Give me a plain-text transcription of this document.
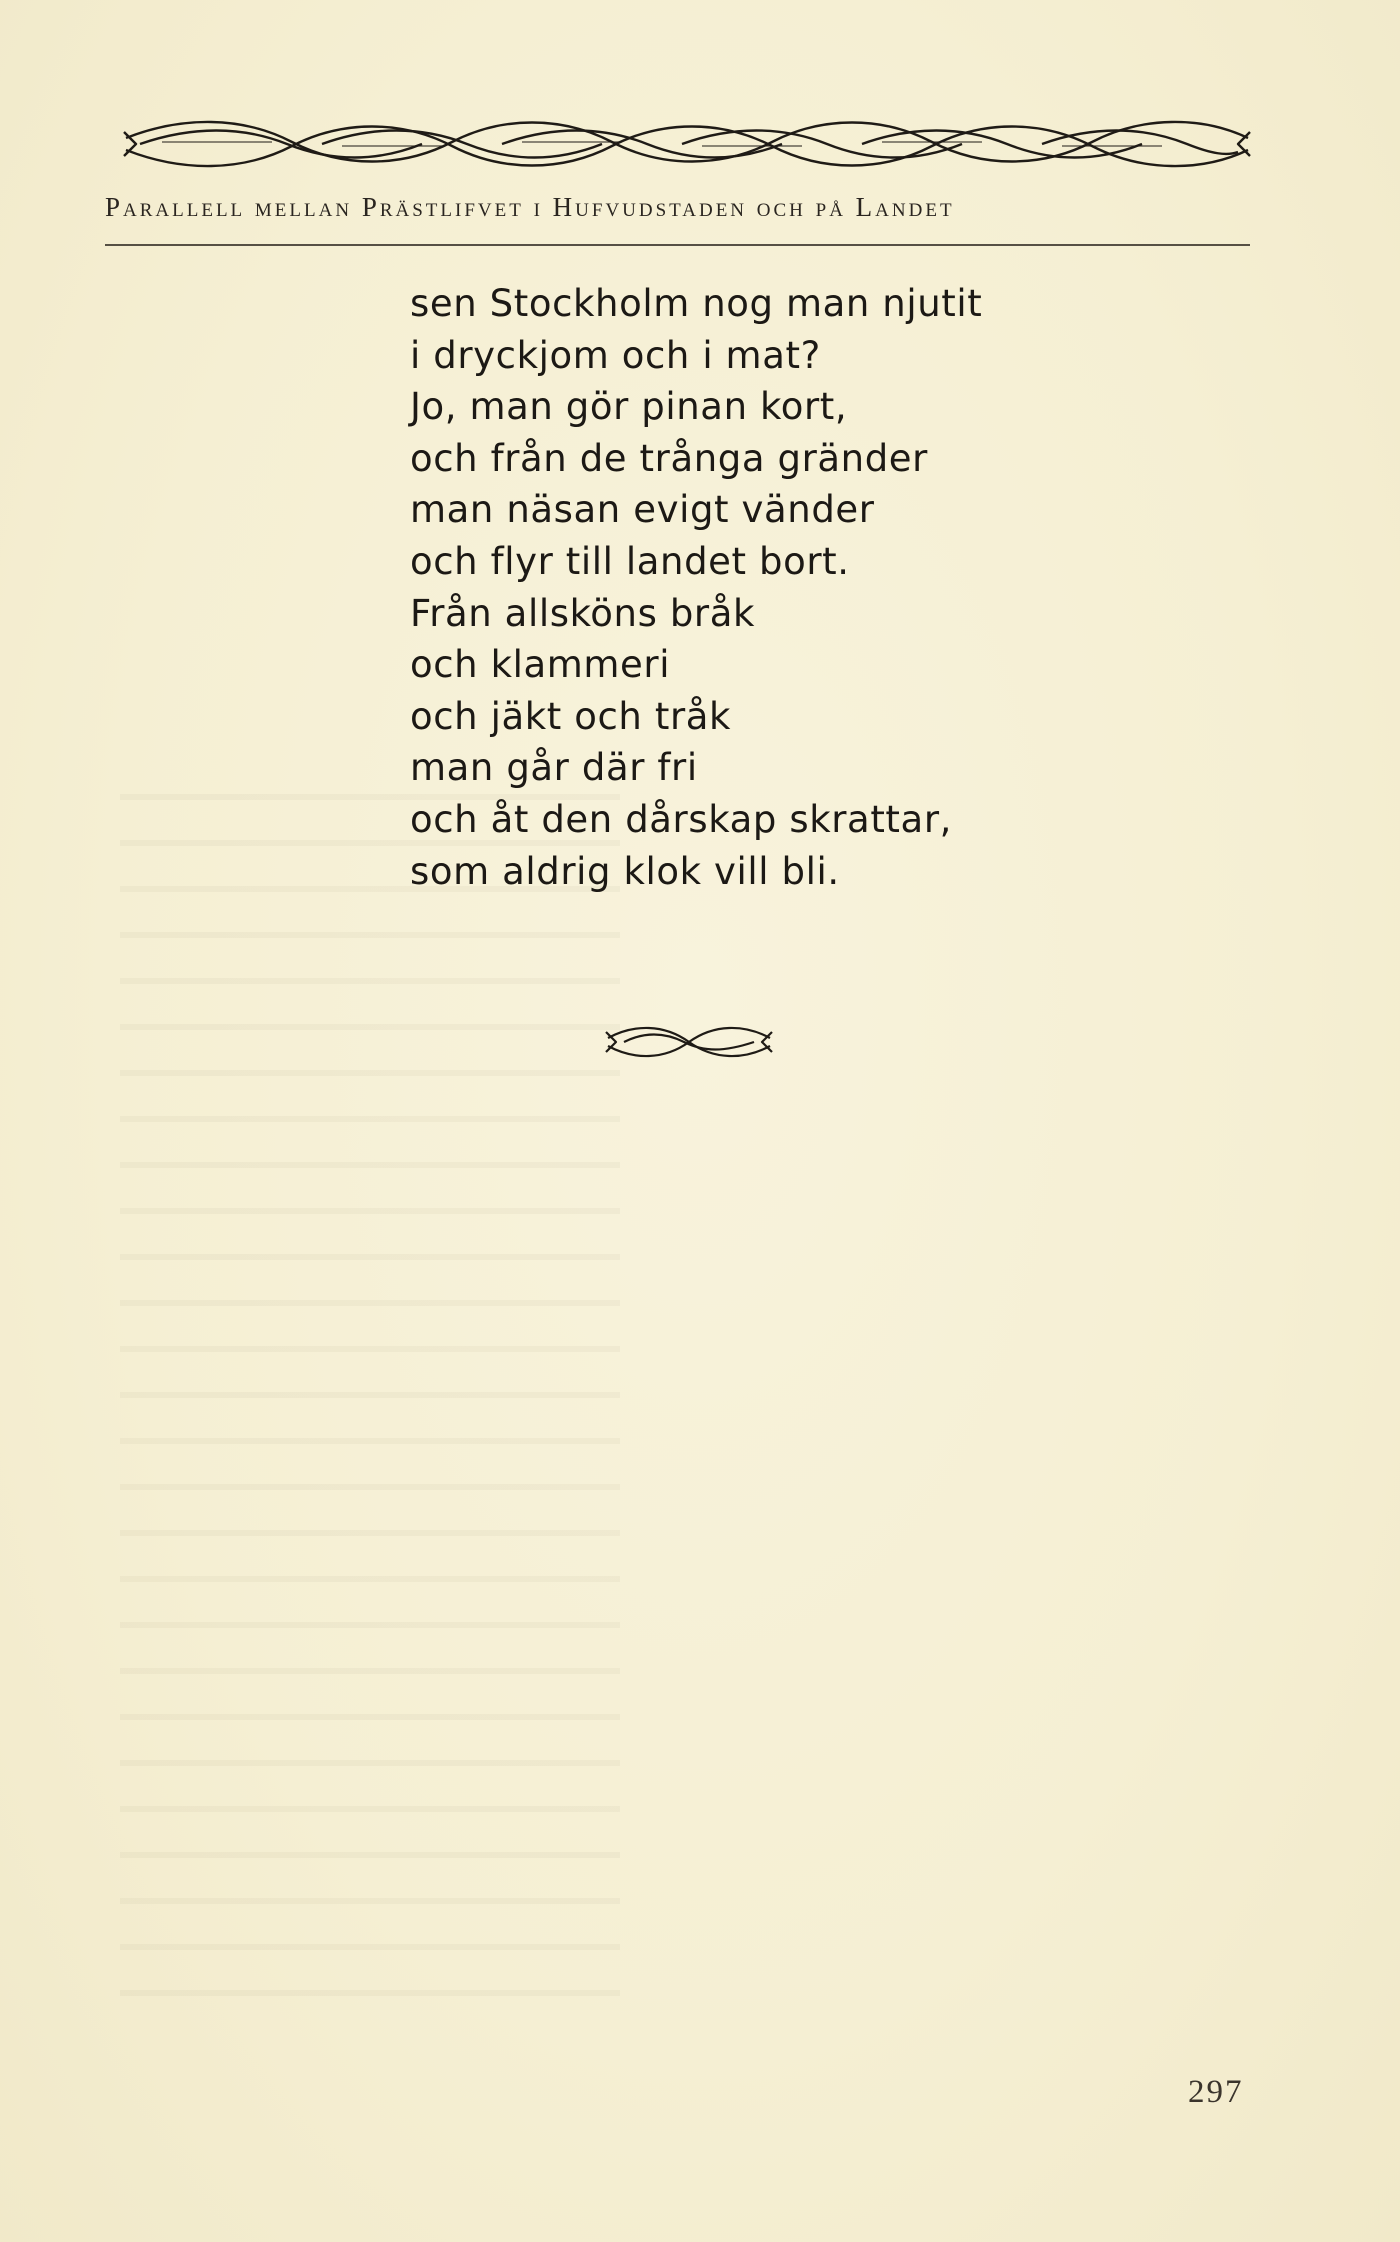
Parallell mellan Prästlifvet i Hufvudstaden och på Landet
sen Stockholm nog man njutit
i dryckjom och i mat?
Jo, man gör pinan kort,
och från de trånga gränder
man näsan evigt vänder
och flyr till landet bort.
Från allsköns bråk
och klammeri
och jäkt och tråk
man går där fri
och åt den dårskap skrattar,
som aldrig klok vill bli.
297
